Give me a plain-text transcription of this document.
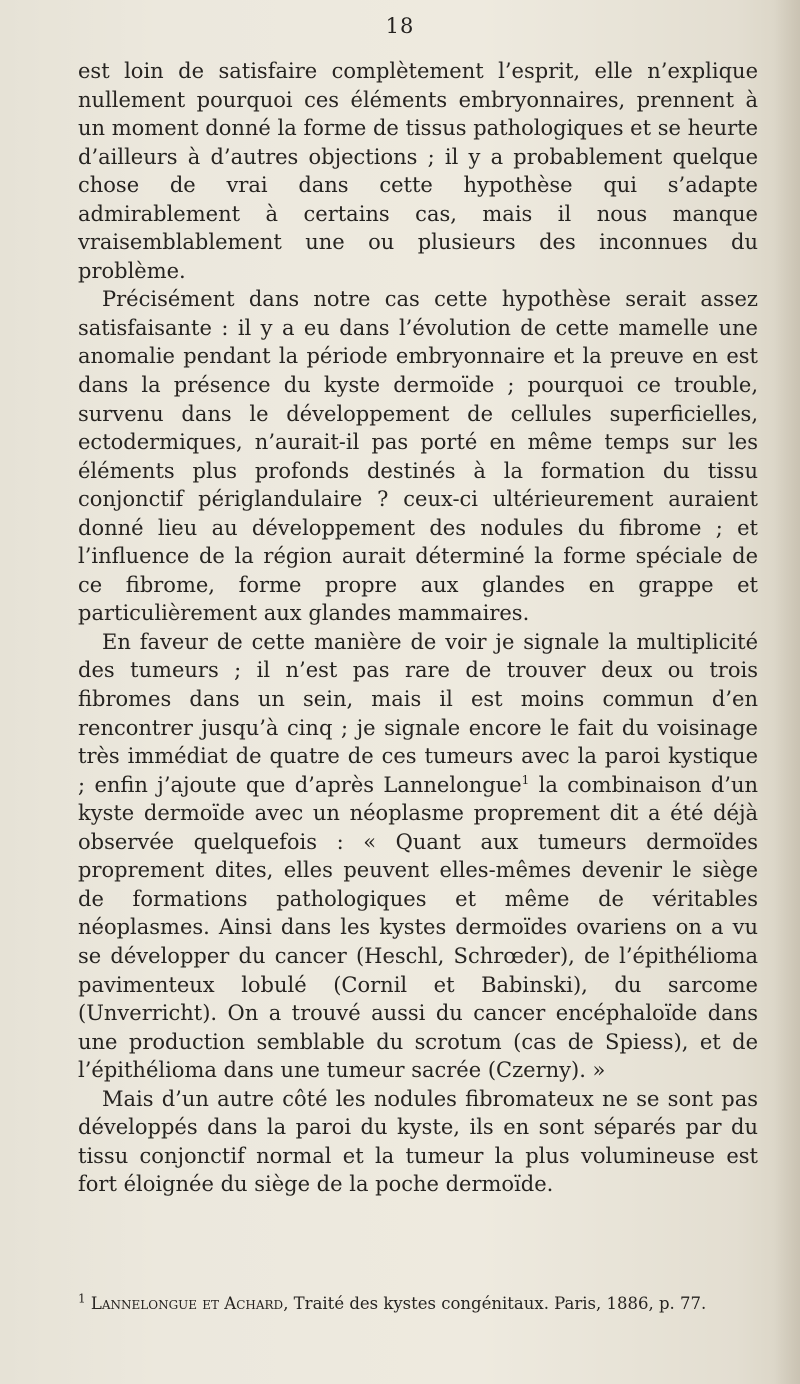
18

est loin de satisfaire complètement l’esprit, elle n’explique nullement pourquoi ces éléments embryonnaires, prennent à un moment donné la forme de tissus pathologiques et se heurte d’ailleurs à d’autres objections ; il y a probablement quelque chose de vrai dans cette hypothèse qui s’adapte admirablement à certains cas, mais il nous manque vraisemblablement une ou plusieurs des inconnues du problème.

Précisément dans notre cas cette hypothèse serait assez satisfaisante : il y a eu dans l’évolution de cette mamelle une anomalie pendant la période embryonnaire et la preuve en est dans la présence du kyste dermoïde ; pourquoi ce trouble, survenu dans le développement de cellules superficielles, ectodermiques, n’aurait-il pas porté en même temps sur les éléments plus profonds destinés à la formation du tissu conjonctif périglandulaire ? ceux-ci ultérieurement auraient donné lieu au développement des nodules du fibrome ; et l’influence de la région aurait déterminé la forme spéciale de ce fibrome, forme propre aux glandes en grappe et particulièrement aux glandes mammaires.

En faveur de cette manière de voir je signale la multiplicité des tumeurs ; il n’est pas rare de trouver deux ou trois fibromes dans un sein, mais il est moins commun d’en rencontrer jusqu’à cinq ; je signale encore le fait du voisinage très immédiat de quatre de ces tumeurs avec la paroi kystique ; enfin j’ajoute que d’après Lannelongue$^1$ la combinaison d’un kyste dermoïde avec un néoplasme proprement dit a été déjà observée quelquefois : « Quant aux tumeurs dermoïdes proprement dites, elles peuvent elles-mêmes devenir le siège de formations pathologiques et même de véritables néoplasmes. Ainsi dans les kystes dermoïdes ovariens on a vu se développer du cancer (Heschl, Schrœder), de l’épithélioma pavimenteux lobulé (Cornil et Babinski), du sarcome (Unverricht). On a trouvé aussi du cancer encéphaloïde dans une production semblable du scrotum (cas de Spiess), et de l’épithélioma dans une tumeur sacrée (Czerny). »

Mais d’un autre côté les nodules fibromateux ne se sont pas développés dans la paroi du kyste, ils en sont séparés par du tissu conjonctif normal et la tumeur la plus volumineuse est fort éloignée du siège de la poche dermoïde.

$^1$ Lannelongue et Achard, Traité des kystes congénitaux. Paris, 1886, p. 77.
